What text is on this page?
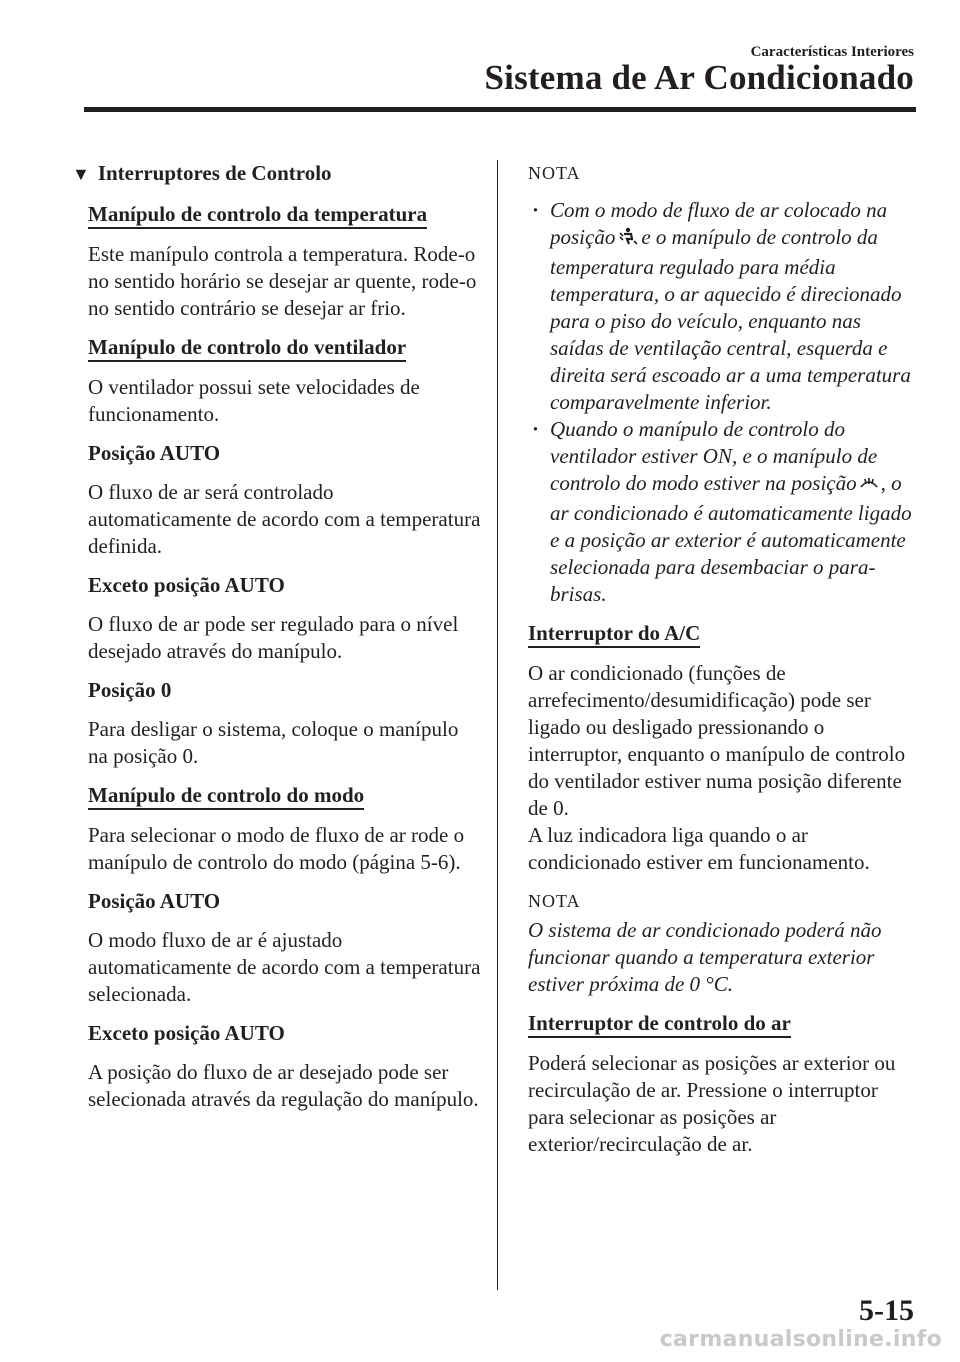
Características Interiores
Sistema de Ar Condicionado
▼ Interruptores de Controlo
Manípulo de controlo da temperatura

Este manípulo controla a temperatura. Rode-o no sentido horário se desejar ar quente, rode-o no sentido contrário se desejar ar frio.

Manípulo de controlo do ventilador

O ventilador possui sete velocidades de funcionamento.

Posição AUTO

O fluxo de ar será controlado automaticamente de acordo com a temperatura definida.

Exceto posição AUTO

O fluxo de ar pode ser regulado para o nível desejado através do manípulo.

Posição 0

Para desligar o sistema, coloque o manípulo na posição 0.

Manípulo de controlo do modo

Para selecionar o modo de fluxo de ar rode o manípulo de controlo do modo (página 5-6).

Posição AUTO

O modo fluxo de ar é ajustado automaticamente de acordo com a temperatura selecionada.

Exceto posição AUTO

A posição do fluxo de ar desejado pode ser selecionada através da regulação do manípulo.

NOTA

· Com o modo de fluxo de ar colocado na posição e o manípulo de controlo da temperatura regulado para média temperatura, o ar aquecido é direcionado para o piso do veículo, enquanto nas saídas de ventilação central, esquerda e direita será escoado ar a uma temperatura comparavelmente inferior.
· Quando o manípulo de controlo do ventilador estiver ON, e o manípulo de controlo do modo estiver na posição , o ar condicionado é automaticamente ligado e a posição ar exterior é automaticamente selecionada para desembaciar o para-brisas.
Interruptor do A/C

O ar condicionado (funções de arrefecimento/desumidificação) pode ser ligado ou desligado pressionando o interruptor, enquanto o manípulo de controlo do ventilador estiver numa posição diferente de 0.

A luz indicadora liga quando o ar condicionado estiver em funcionamento.

NOTA

O sistema de ar condicionado poderá não funcionar quando a temperatura exterior estiver próxima de 0 °C.

Interruptor de controlo do ar

Poderá selecionar as posições ar exterior ou recirculação de ar. Pressione o interruptor para selecionar as posições ar exterior/recirculação de ar.

5-15
carmanualsonline.info
